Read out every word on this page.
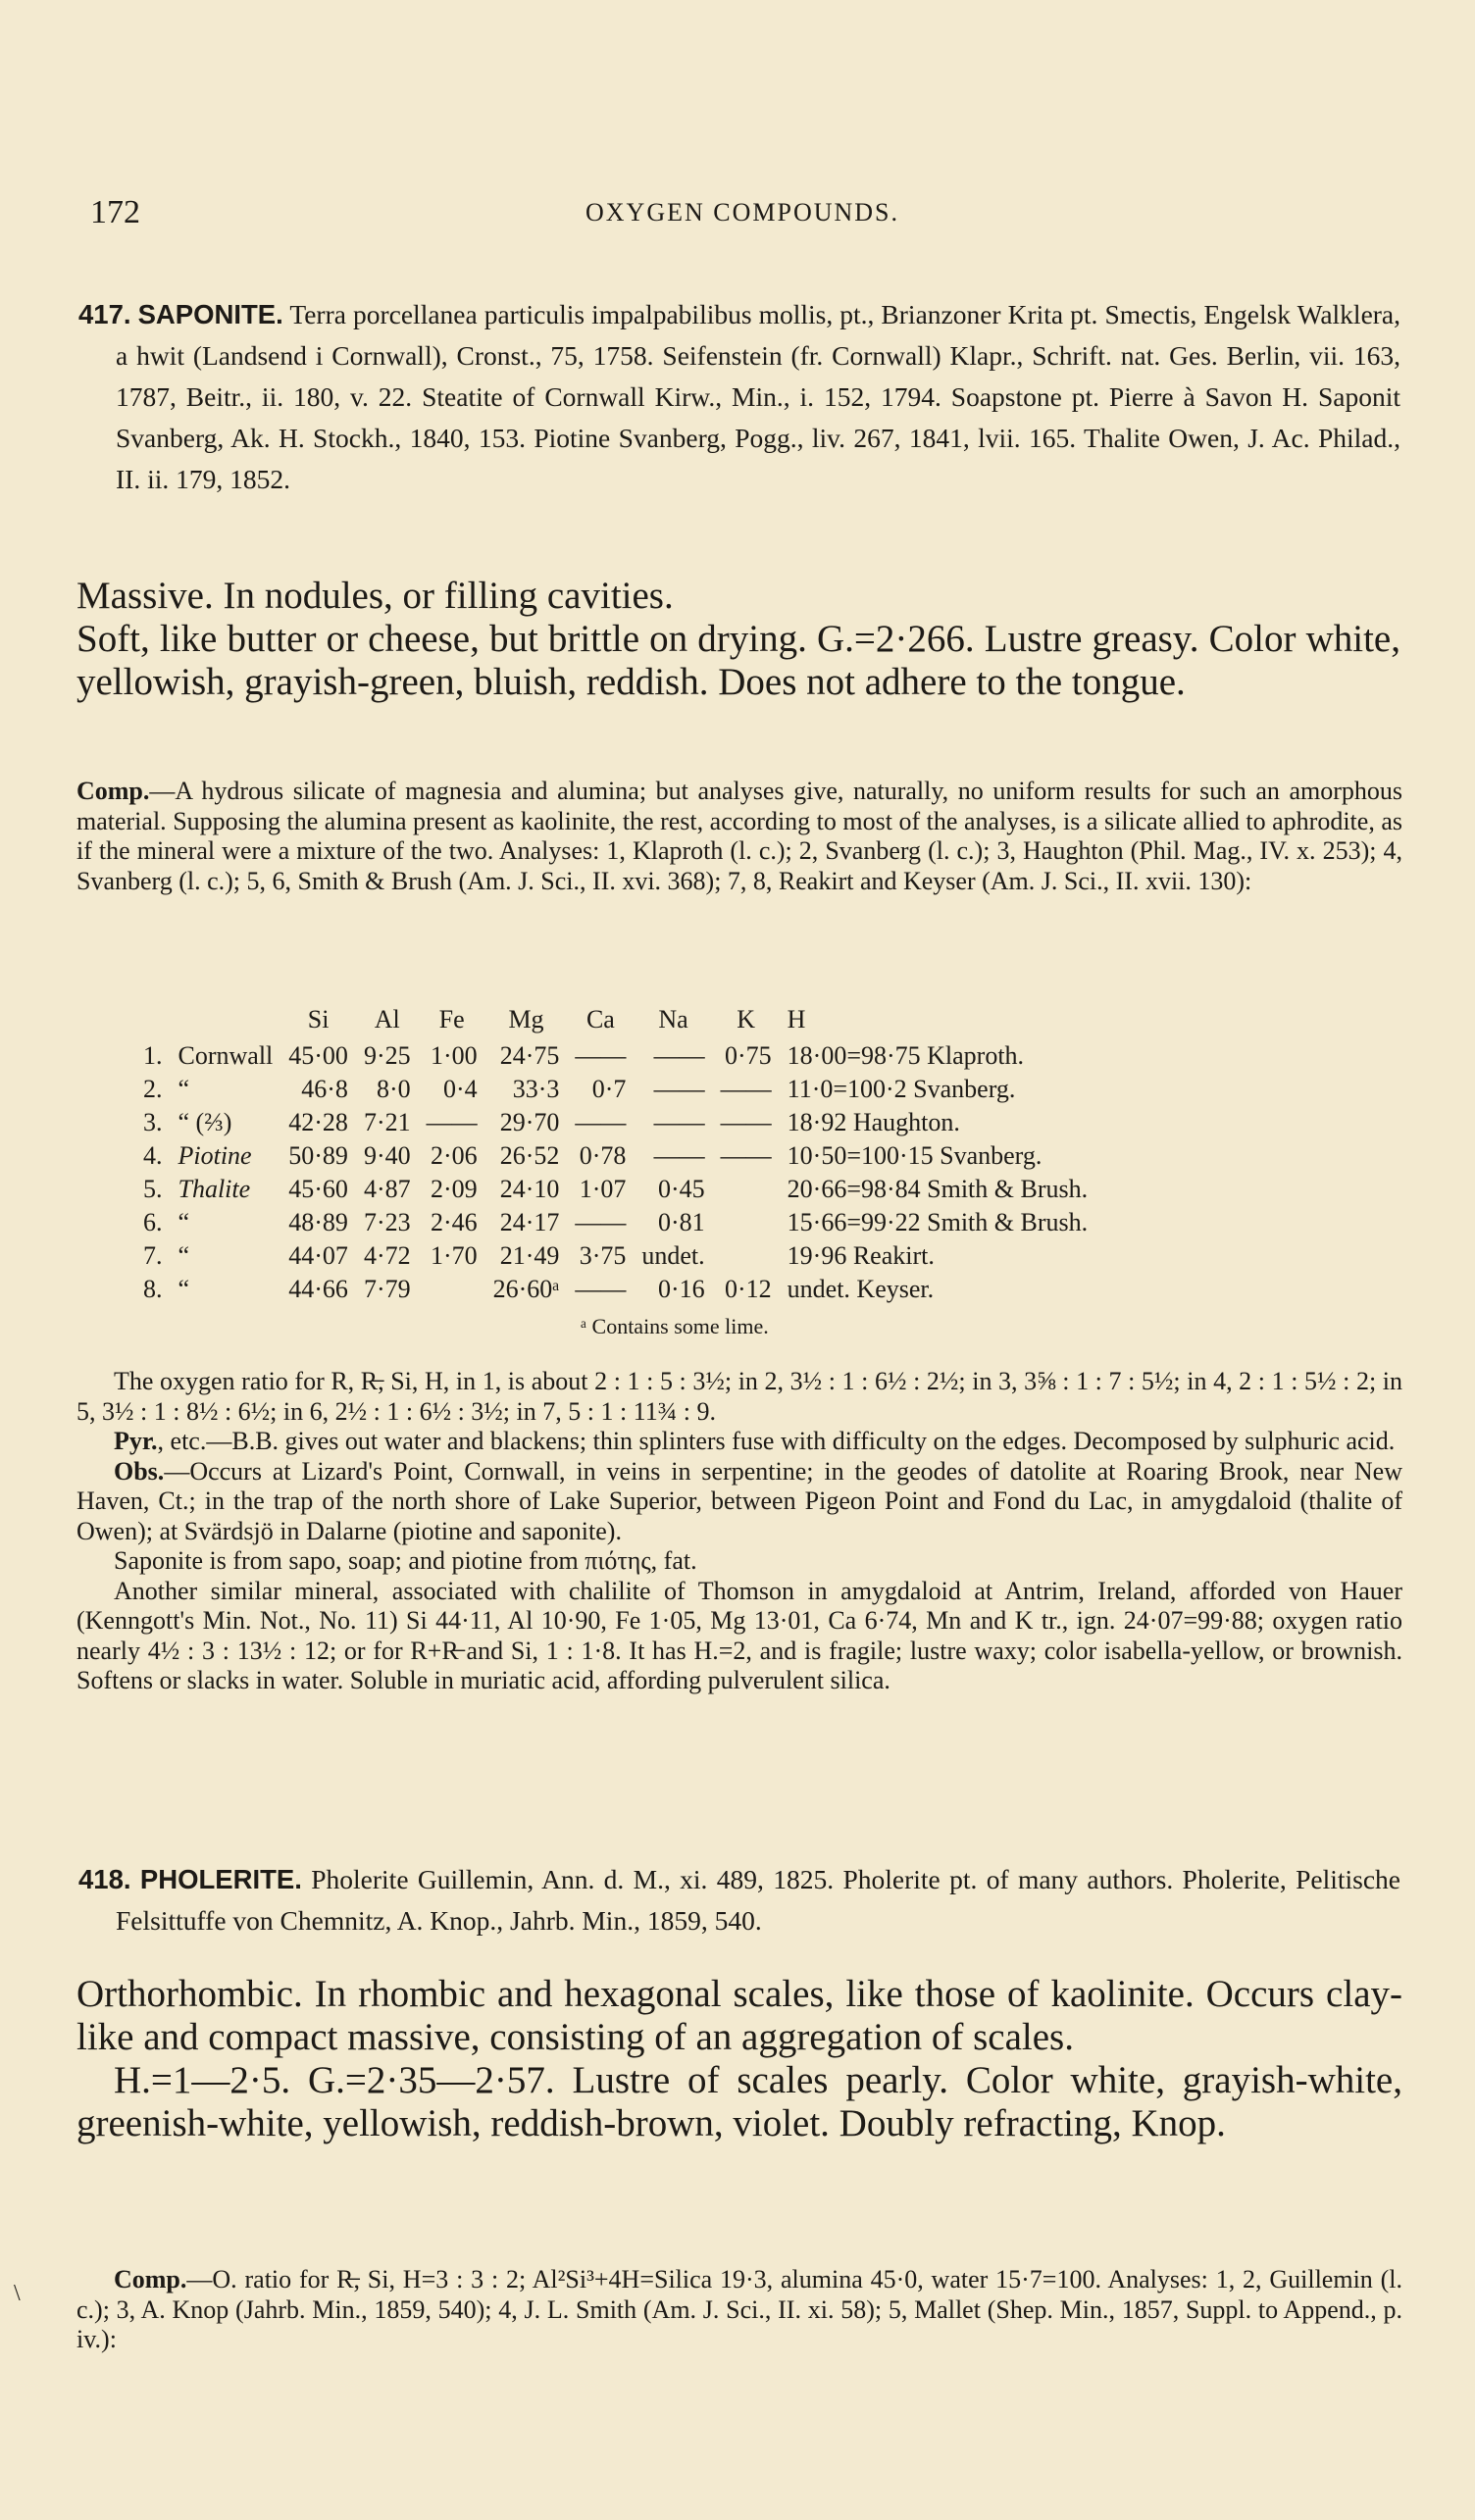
172	OXYGEN COMPOUNDS.
417. SAPONITE. Terra porcellanea particulis impalpabilibus mollis, pt., Brianzoner Krita pt. Smectis, Engelsk Walklera, a hwit (Landsend i Cornwall), Cronst., 75, 1758. Seifenstein (fr. Cornwall) Klapr., Schrift. nat. Ges. Berlin, vii. 163, 1787, Beitr., ii. 180, v. 22. Steatite of Cornwall Kirw., Min., i. 152, 1794. Soapstone pt. Pierre à Savon H. Saponit Svanberg, Ak. H. Stockh., 1840, 153. Piotine Svanberg, Pogg., liv. 267, 1841, lvii. 165. Thalite Owen, J. Ac. Philad., II. ii. 179, 1852.
Massive. In nodules, or filling cavities.
Soft, like butter or cheese, but brittle on drying. G.=2·266. Lustre greasy. Color white, yellowish, grayish-green, bluish, reddish. Does not adhere to the tongue.
Comp.—A hydrous silicate of magnesia and alumina; but analyses give, naturally, no uniform results for such an amorphous material. Supposing the alumina present as kaolinite, the rest, according to most of the analyses, is a silicate allied to aphrodite, as if the mineral were a mixture of the two. Analyses: 1, Klaproth (l. c.); 2, Svanberg (l. c.); 3, Haughton (Phil. Mag., IV. x. 253); 4, Svanberg (l. c.); 5, 6, Smith & Brush (Am. J. Sci., II. xvi. 368); 7, 8, Reakirt and Keyser (Am. J. Sci., II. xvii. 130):
		Si	Al	Fe	Mg	Ca	Na	K	H
1.	Cornwall	45·00	9·25	1·00	24·75	——	——	0·75	18·00=98·75 Klaproth.
2.	“	46·8	8·0	0·4	33·3	0·7	——	——	11·0=100·2 Svanberg.
3.	“ (⅔)	42·28	7·21	——	29·70	——	——	——	18·92 Haughton.
4.	Piotine	50·89	9·40	2·06	26·52	0·78	——	——	10·50=100·15 Svanberg.
5.	Thalite	45·60	4·87	2·09	24·10	1·07	0·45		20·66=98·84 Smith & Brush.
6.	“	48·89	7·23	2·46	24·17	——	0·81		15·66=99·22 Smith & Brush.
7.	“	44·07	4·72	1·70	21·49	3·75	undet.		19·96 Reakirt.
8.	“	44·66	7·79		26·60ᵃ	——	0·16	0·12	undet. Keyser.
ᵃ Contains some lime.
The oxygen ratio for R, R̶, Si, H, in 1, is about 2 : 1 : 5 : 3½; in 2, 3½ : 1 : 6½ : 2½; in 3, 3⅝ : 1 : 7 : 5½; in 4, 2 : 1 : 5½ : 2; in 5, 3½ : 1 : 8½ : 6½; in 6, 2½ : 1 : 6½ : 3½; in 7, 5 : 1 : 11¾ : 9.
Pyr., etc.—B.B. gives out water and blackens; thin splinters fuse with difficulty on the edges. Decomposed by sulphuric acid.
Obs.—Occurs at Lizard's Point, Cornwall, in veins in serpentine; in the geodes of datolite at Roaring Brook, near New Haven, Ct.; in the trap of the north shore of Lake Superior, between Pigeon Point and Fond du Lac, in amygdaloid (thalite of Owen); at Svärdsjö in Dalarne (piotine and saponite).
Saponite is from sapo, soap; and piotine from πιότης, fat.
Another similar mineral, associated with chalilite of Thomson in amygdaloid at Antrim, Ireland, afforded von Hauer (Kenngott's Min. Not., No. 11) Si 44·11, Al 10·90, Fe 1·05, Mg 13·01, Ca 6·74, Mn and K tr., ign. 24·07=99·88; oxygen ratio nearly 4½ : 3 : 13½ : 12; or for R+R̶ and Si, 1 : 1·8. It has H.=2, and is fragile; lustre waxy; color isabella-yellow, or brownish. Softens or slacks in water. Soluble in muriatic acid, affording pulverulent silica.
418. PHOLERITE. Pholerite Guillemin, Ann. d. M., xi. 489, 1825. Pholerite pt. of many authors. Pholerite, Pelitische Felsittuffe von Chemnitz, A. Knop., Jahrb. Min., 1859, 540.
Orthorhombic. In rhombic and hexagonal scales, like those of kaolinite. Occurs clay-like and compact massive, consisting of an aggregation of scales.
H.=1—2·5. G.=2·35—2·57. Lustre of scales pearly. Color white, grayish-white, greenish-white, yellowish, reddish-brown, violet. Doubly refracting, Knop.
Comp.—O. ratio for R̶, Si, H=3 : 3 : 2; Al²Si³+4H=Silica 19·3, alumina 45·0, water 15·7=100. Analyses: 1, 2, Guillemin (l. c.); 3, A. Knop (Jahrb. Min., 1859, 540); 4, J. L. Smith (Am. J. Sci., II. xi. 58); 5, Mallet (Shep. Min., 1857, Suppl. to Append., p. iv.):
\
